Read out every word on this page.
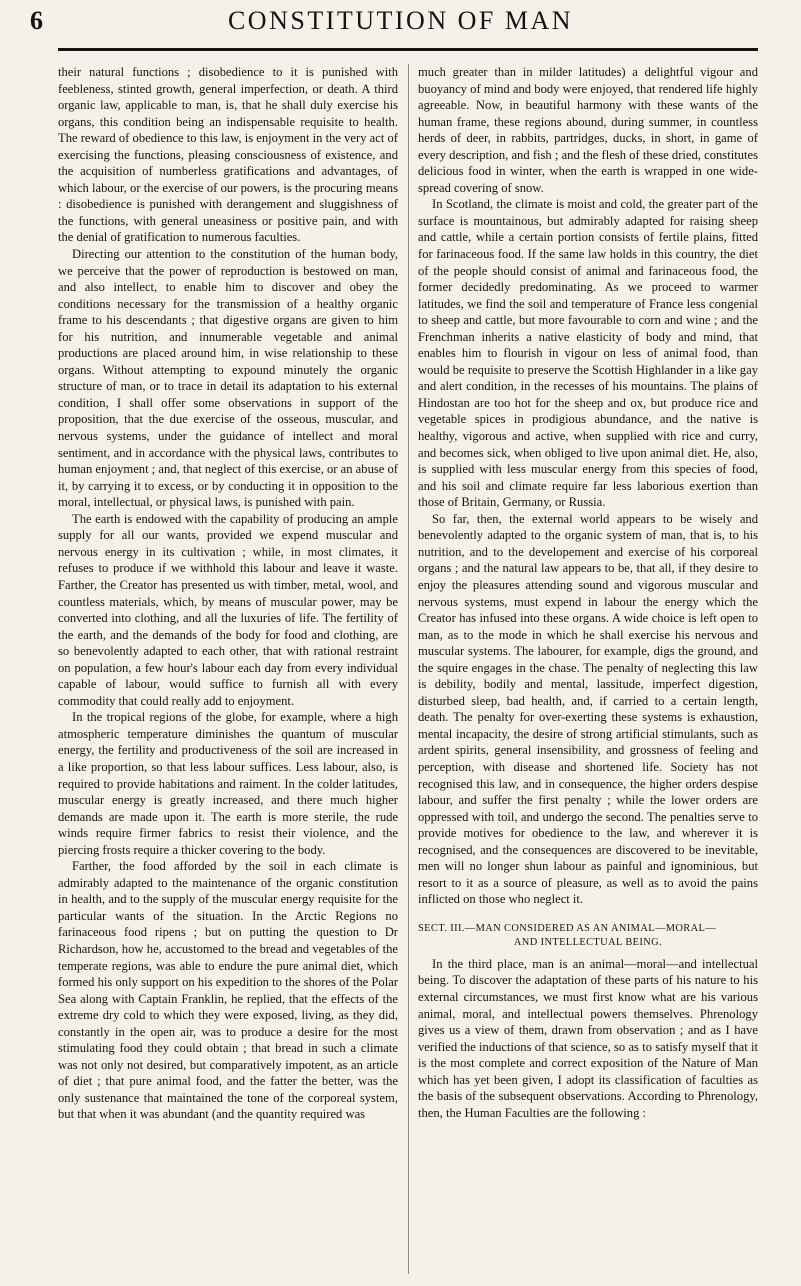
6	CONSTITUTION OF MAN

their natural functions ; disobedience to it is punished with feebleness, stinted growth, general imperfection, or death. A third organic law, applicable to man, is, that he shall duly exercise his organs, this condition being an indispensable requisite to health. The reward of obedience to this law, is enjoyment in the very act of exercising the functions, pleasing consciousness of existence, and the acquisition of numberless gratifications and advantages, of which labour, or the exercise of our powers, is the procuring means : disobedience is punished with derangement and sluggishness of the functions, with general uneasiness or positive pain, and with the denial of gratification to numerous faculties.

Directing our attention to the constitution of the human body, we perceive that the power of reproduction is bestowed on man, and also intellect, to enable him to discover and obey the conditions necessary for the transmission of a healthy organic frame to his descendants ; that digestive organs are given to him for his nutrition, and innumerable vegetable and animal productions are placed around him, in wise relationship to these organs. Without attempting to expound minutely the organic structure of man, or to trace in detail its adaptation to his external condition, I shall offer some observations in support of the proposition, that the due exercise of the osseous, muscular, and nervous systems, under the guidance of intellect and moral sentiment, and in accordance with the physical laws, contributes to human enjoyment ; and, that neglect of this exercise, or an abuse of it, by carrying it to excess, or by conducting it in opposition to the moral, intellectual, or physical laws, is punished with pain.

The earth is endowed with the capability of producing an ample supply for all our wants, provided we expend muscular and nervous energy in its cultivation ; while, in most climates, it refuses to produce if we withhold this labour and leave it waste. Farther, the Creator has presented us with timber, metal, wool, and countless materials, which, by means of muscular power, may be converted into clothing, and all the luxuries of life. The fertility of the earth, and the demands of the body for food and clothing, are so benevolently adapted to each other, that with rational restraint on population, a few hour's labour each day from every individual capable of labour, would suffice to furnish all with every commodity that could really add to enjoyment.

In the tropical regions of the globe, for example, where a high atmospheric temperature diminishes the quantum of muscular energy, the fertility and productiveness of the soil are increased in a like proportion, so that less labour suffices. Less labour, also, is required to provide habitations and raiment. In the colder latitudes, muscular energy is greatly increased, and there much higher demands are made upon it. The earth is more sterile, the rude winds require firmer fabrics to resist their violence, and the piercing frosts require a thicker covering to the body.

Farther, the food afforded by the soil in each climate is admirably adapted to the maintenance of the organic constitution in health, and to the supply of the muscular energy requisite for the particular wants of the situation. In the Arctic Regions no farinaceous food ripens ; but on putting the question to Dr Richardson, how he, accustomed to the bread and vegetables of the temperate regions, was able to endure the pure animal diet, which formed his only support on his expedition to the shores of the Polar Sea along with Captain Franklin, he replied, that the effects of the extreme dry cold to which they were exposed, living, as they did, constantly in the open air, was to produce a desire for the most stimulating food they could obtain ; that bread in such a climate was not only not desired, but comparatively impotent, as an article of diet ; that pure animal food, and the fatter the better, was the only sustenance that maintained the tone of the corporeal system, but that when it was abundant (and the quantity required was

much greater than in milder latitudes) a delightful vigour and buoyancy of mind and body were enjoyed, that rendered life highly agreeable. Now, in beautiful harmony with these wants of the human frame, these regions abound, during summer, in countless herds of deer, in rabbits, partridges, ducks, in short, in game of every description, and fish ; and the flesh of these dried, constitutes delicious food in winter, when the earth is wrapped in one wide-spread covering of snow.

In Scotland, the climate is moist and cold, the greater part of the surface is mountainous, but admirably adapted for raising sheep and cattle, while a certain portion consists of fertile plains, fitted for farinaceous food. If the same law holds in this country, the diet of the people should consist of animal and farinaceous food, the former decidedly predominating. As we proceed to warmer latitudes, we find the soil and temperature of France less congenial to sheep and cattle, but more favourable to corn and wine ; and the Frenchman inherits a native elasticity of body and mind, that enables him to flourish in vigour on less of animal food, than would be requisite to preserve the Scottish Highlander in a like gay and alert condition, in the recesses of his mountains. The plains of Hindostan are too hot for the sheep and ox, but produce rice and vegetable spices in prodigious abundance, and the native is healthy, vigorous and active, when supplied with rice and curry, and becomes sick, when obliged to live upon animal diet. He, also, is supplied with less muscular energy from this species of food, and his soil and climate require far less laborious exertion than those of Britain, Germany, or Russia.

So far, then, the external world appears to be wisely and benevolently adapted to the organic system of man, that is, to his nutrition, and to the developement and exercise of his corporeal organs ; and the natural law appears to be, that all, if they desire to enjoy the pleasures attending sound and vigorous muscular and nervous systems, must expend in labour the energy which the Creator has infused into these organs. A wide choice is left open to man, as to the mode in which he shall exercise his nervous and muscular systems. The labourer, for example, digs the ground, and the squire engages in the chase. The penalty of neglecting this law is debility, bodily and mental, lassitude, imperfect digestion, disturbed sleep, bad health, and, if carried to a certain length, death. The penalty for over-exerting these systems is exhaustion, mental incapacity, the desire of strong artificial stimulants, such as ardent spirits, general insensibility, and grossness of feeling and perception, with disease and shortened life. Society has not recognised this law, and in consequence, the higher orders despise labour, and suffer the first penalty ; while the lower orders are oppressed with toil, and undergo the second. The penalties serve to provide motives for obedience to the law, and wherever it is recognised, and the consequences are discovered to be inevitable, men will no longer shun labour as painful and ignominious, but resort to it as a source of pleasure, as well as to avoid the pains inflicted on those who neglect it.

SECT. III.—MAN CONSIDERED AS AN ANIMAL—MORAL—
AND INTELLECTUAL BEING.

In the third place, man is an animal—moral—and intellectual being. To discover the adaptation of these parts of his nature to his external circumstances, we must first know what are his various animal, moral, and intellectual powers themselves. Phrenology gives us a view of them, drawn from observation ; and as I have verified the inductions of that science, so as to satisfy myself that it is the most complete and correct exposition of the Nature of Man which has yet been given, I adopt its classification of faculties as the basis of the subsequent observations. According to Phrenology, then, the Human Faculties are the following :
